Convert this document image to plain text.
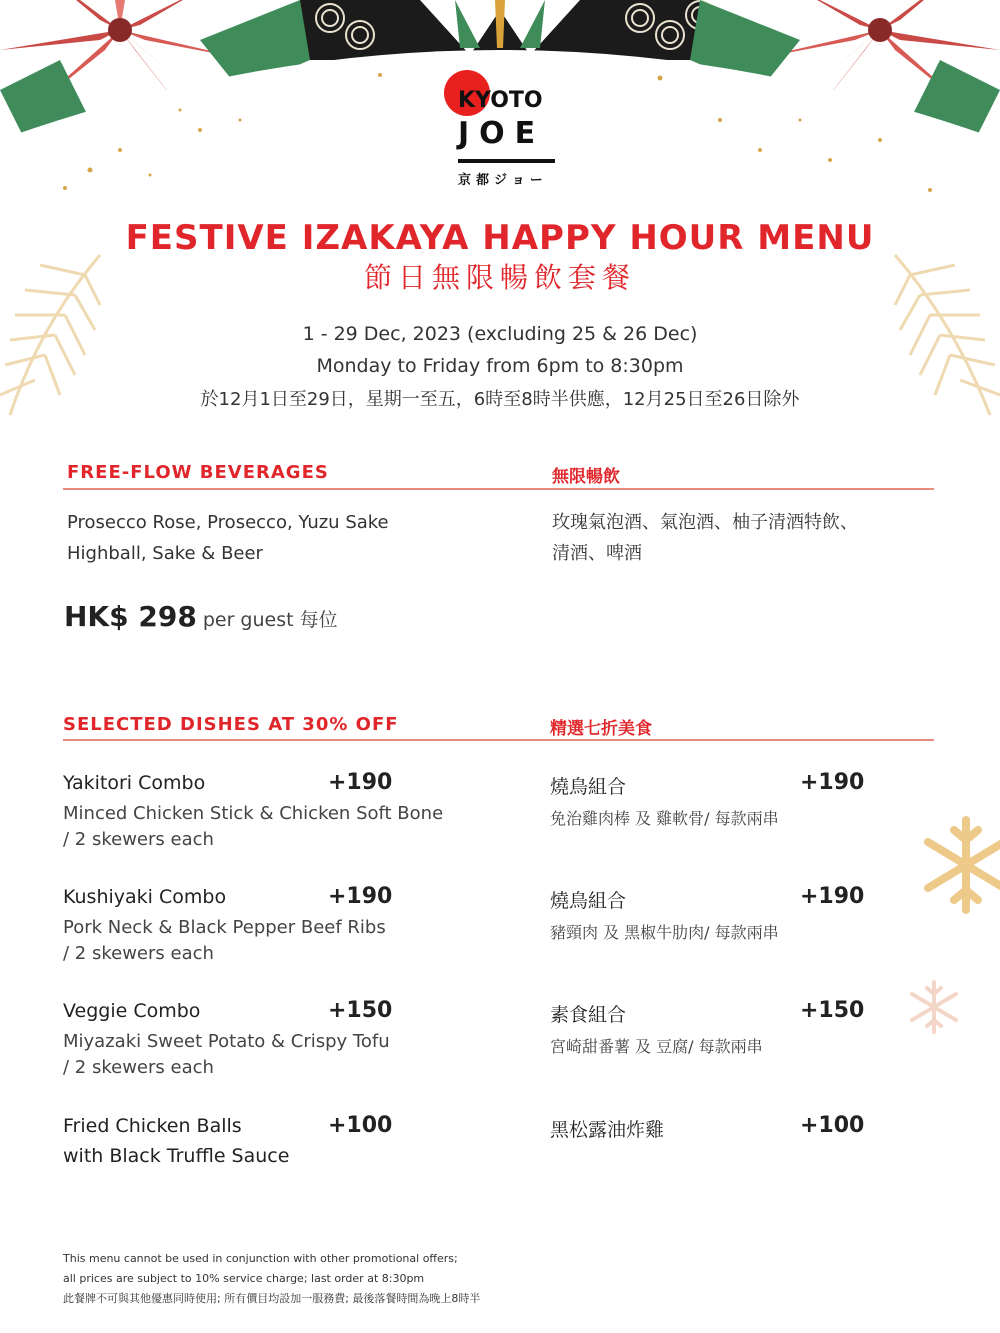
KYOTO
JOE
京都ジョー
FESTIVE IZAKAYA HAPPY HOUR MENU
節日無限暢飲套餐
1 - 29 Dec, 2023 (excluding 25 & 26 Dec)
Monday to Friday from 6pm to 8:30pm
於12月1日至29日，星期一至五，6時至8時半供應，12月25日至26日除外
FREE-FLOW BEVERAGES	無限暢飲
Prosecco Rose, Prosecco, Yuzu Sake
Highball, Sake & Beer
玫瑰氣泡酒、氣泡酒、柚子清酒特飲、
清酒、啤酒
HK$ 298 per guest 每位
SELECTED DISHES AT 30% OFF	精選七折美食
Yakitori Combo	+190
Minced Chicken Stick & Chicken Soft Bone
/ 2 skewers each
燒鳥組合	+190
免治雞肉棒 及 雞軟骨/ 每款兩串
Kushiyaki Combo	+190
Pork Neck & Black Pepper Beef Ribs
/ 2 skewers each
燒鳥組合	+190
豬頸肉 及 黑椒牛肋肉/ 每款兩串
Veggie Combo	+150
Miyazaki Sweet Potato & Crispy Tofu
/ 2 skewers each
素食組合	+150
宮崎甜番薯 及 豆腐/ 每款兩串
Fried Chicken Balls	+100
with Black Truffle Sauce
黑松露油炸雞	+100
This menu cannot be used in conjunction with other promotional offers;
all prices are subject to 10% service charge; last order at 8:30pm
此餐牌不可與其他優惠同時使用; 所有價目均設加一服務費; 最後落餐時間為晚上8時半
